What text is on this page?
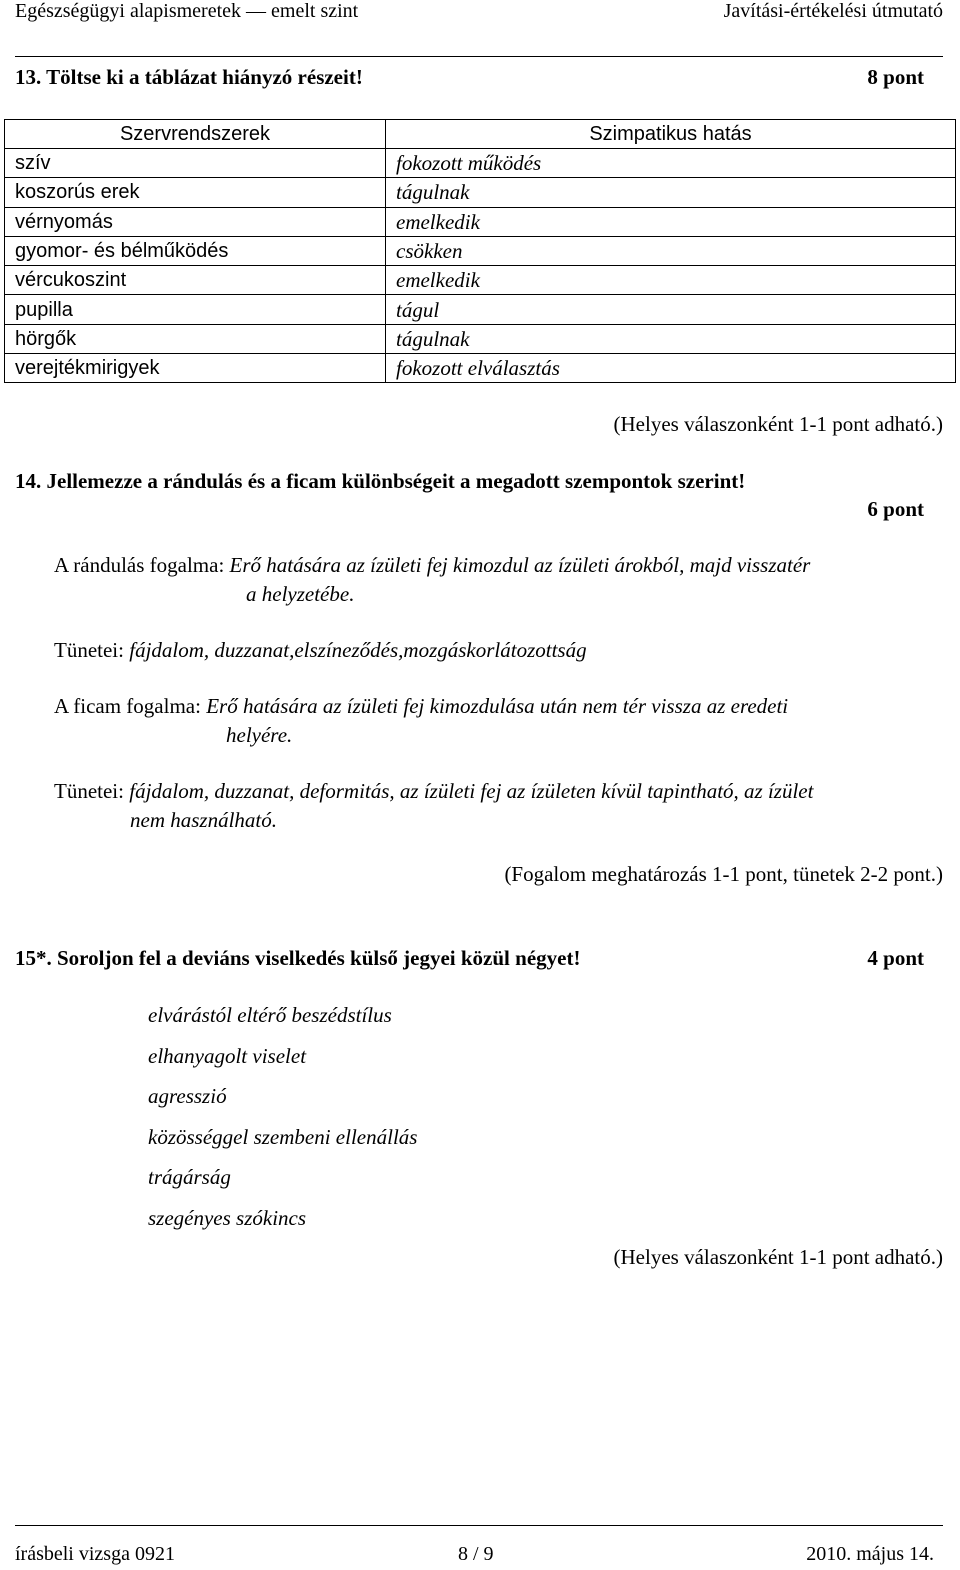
Egészségügyi alapismeretek — emelt szint	Javítási-értékelési útmutató
13. Töltse ki a táblázat hiányzó részeit!	8 pont
Szervrendszerek	Szimpatikus hatás
szív	fokozott működés
koszorús erek	tágulnak
vérnyomás	emelkedik
gyomor- és bélműködés	csökken
vércukoszint	emelkedik
pupilla	tágul
hörgők	tágulnak
verejtékmirigyek	fokozott elválasztás
(Helyes válaszonként 1-1 pont adható.)
14. Jellemezze a rándulás és a ficam különbségeit a megadott szempontok szerint!
6 pont
A rándulás fogalma: Erő hatására az ízületi fej kimozdul az ízületi árokból, majd visszatér
a helyzetébe.
Tünetei: fájdalom, duzzanat,elszíneződés,mozgáskorlátozottság
A ficam fogalma: Erő hatására az ízületi fej kimozdulása után nem tér vissza az eredeti
helyére.
Tünetei: fájdalom, duzzanat, deformitás, az ízületi fej az ízületen kívül tapintható, az ízület
nem használható.
(Fogalom meghatározás 1-1 pont, tünetek 2-2 pont.)
15*. Soroljon fel a deviáns viselkedés külső jegyei közül négyet!	4 pont
elvárástól eltérő beszédstílus
elhanyagolt viselet
agresszió
közösséggel szembeni ellenállás
trágárság
szegényes szókincs
(Helyes válaszonként 1-1 pont adható.)
írásbeli vizsga 0921	8 / 9	2010. május 14.
